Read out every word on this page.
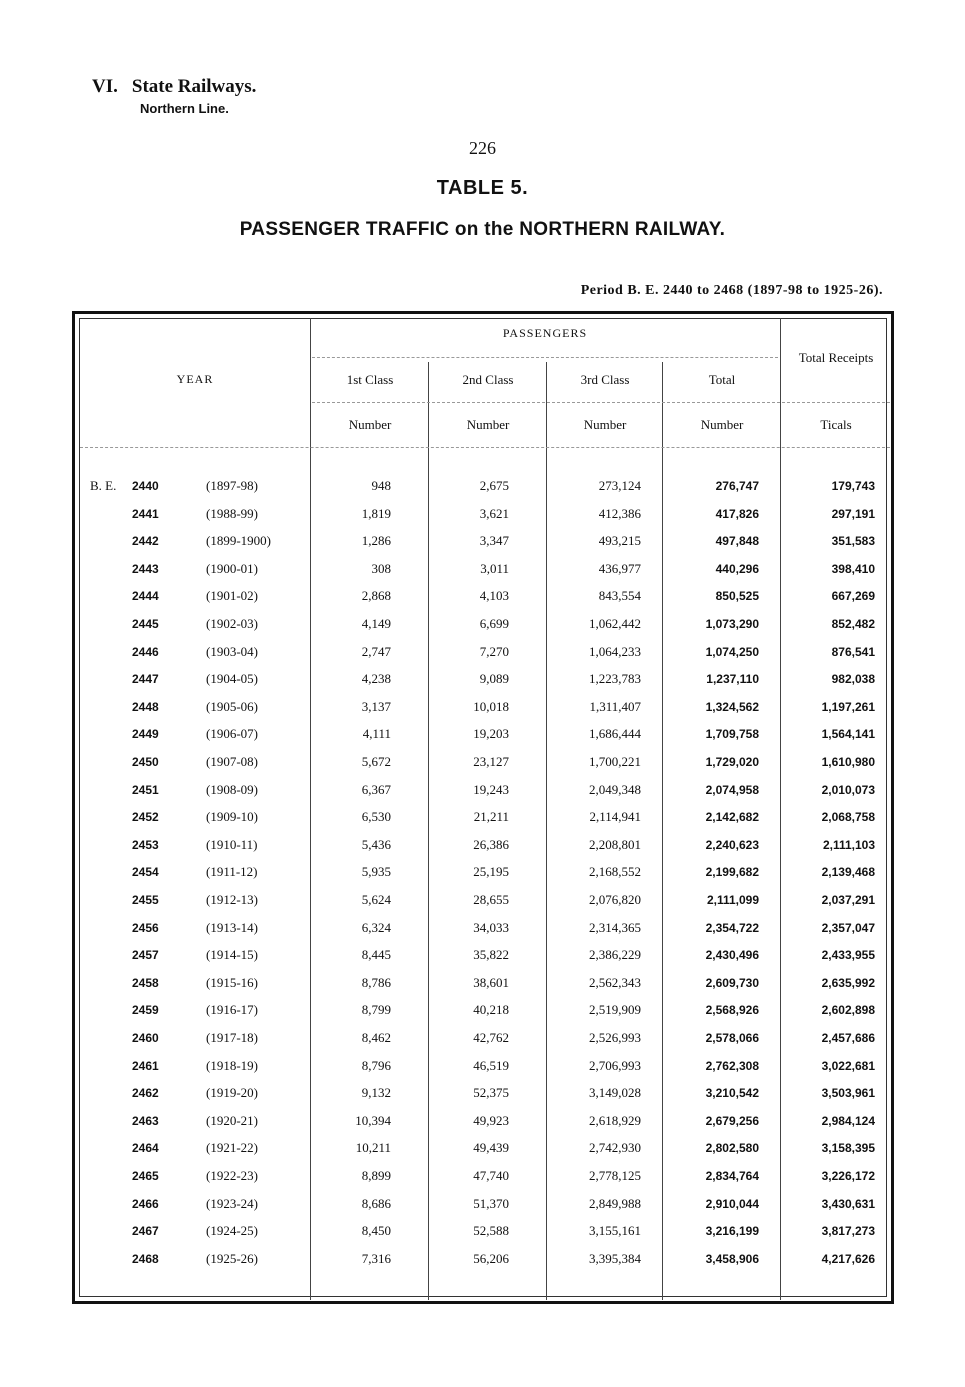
VI. State Railways.
Northern Line.
226
TABLE 5.
PASSENGER TRAFFIC on the NORTHERN RAILWAY.
Period B. E. 2440 to 2468 (1897-98 to 1925-26).
YEAR
PASSENGERS
Total Receipts
1st Class	2nd Class	3rd Class	Total
Number	Number	Number	Number	Ticals
B. E. 2440	(1897-98)	948	2,675	273,124	276,747	179,743
2441	(1988-99)	1,819	3,621	412,386	417,826	297,191
2442	(1899-1900)	1,286	3,347	493,215	497,848	351,583
2443	(1900-01)	308	3,011	436,977	440,296	398,410
2444	(1901-02)	2,868	4,103	843,554	850,525	667,269
2445	(1902-03)	4,149	6,699	1,062,442	1,073,290	852,482
2446	(1903-04)	2,747	7,270	1,064,233	1,074,250	876,541
2447	(1904-05)	4,238	9,089	1,223,783	1,237,110	982,038
2448	(1905-06)	3,137	10,018	1,311,407	1,324,562	1,197,261
2449	(1906-07)	4,111	19,203	1,686,444	1,709,758	1,564,141
2450	(1907-08)	5,672	23,127	1,700,221	1,729,020	1,610,980
2451	(1908-09)	6,367	19,243	2,049,348	2,074,958	2,010,073
2452	(1909-10)	6,530	21,211	2,114,941	2,142,682	2,068,758
2453	(1910-11)	5,436	26,386	2,208,801	2,240,623	2,111,103
2454	(1911-12)	5,935	25,195	2,168,552	2,199,682	2,139,468
2455	(1912-13)	5,624	28,655	2,076,820	2,111,099	2,037,291
2456	(1913-14)	6,324	34,033	2,314,365	2,354,722	2,357,047
2457	(1914-15)	8,445	35,822	2,386,229	2,430,496	2,433,955
2458	(1915-16)	8,786	38,601	2,562,343	2,609,730	2,635,992
2459	(1916-17)	8,799	40,218	2,519,909	2,568,926	2,602,898
2460	(1917-18)	8,462	42,762	2,526,993	2,578,066	2,457,686
2461	(1918-19)	8,796	46,519	2,706,993	2,762,308	3,022,681
2462	(1919-20)	9,132	52,375	3,149,028	3,210,542	3,503,961
2463	(1920-21)	10,394	49,923	2,618,929	2,679,256	2,984,124
2464	(1921-22)	10,211	49,439	2,742,930	2,802,580	3,158,395
2465	(1922-23)	8,899	47,740	2,778,125	2,834,764	3,226,172
2466	(1923-24)	8,686	51,370	2,849,988	2,910,044	3,430,631
2467	(1924-25)	8,450	52,588	3,155,161	3,216,199	3,817,273
2468	(1925-26)	7,316	56,206	3,395,384	3,458,906	4,217,626
